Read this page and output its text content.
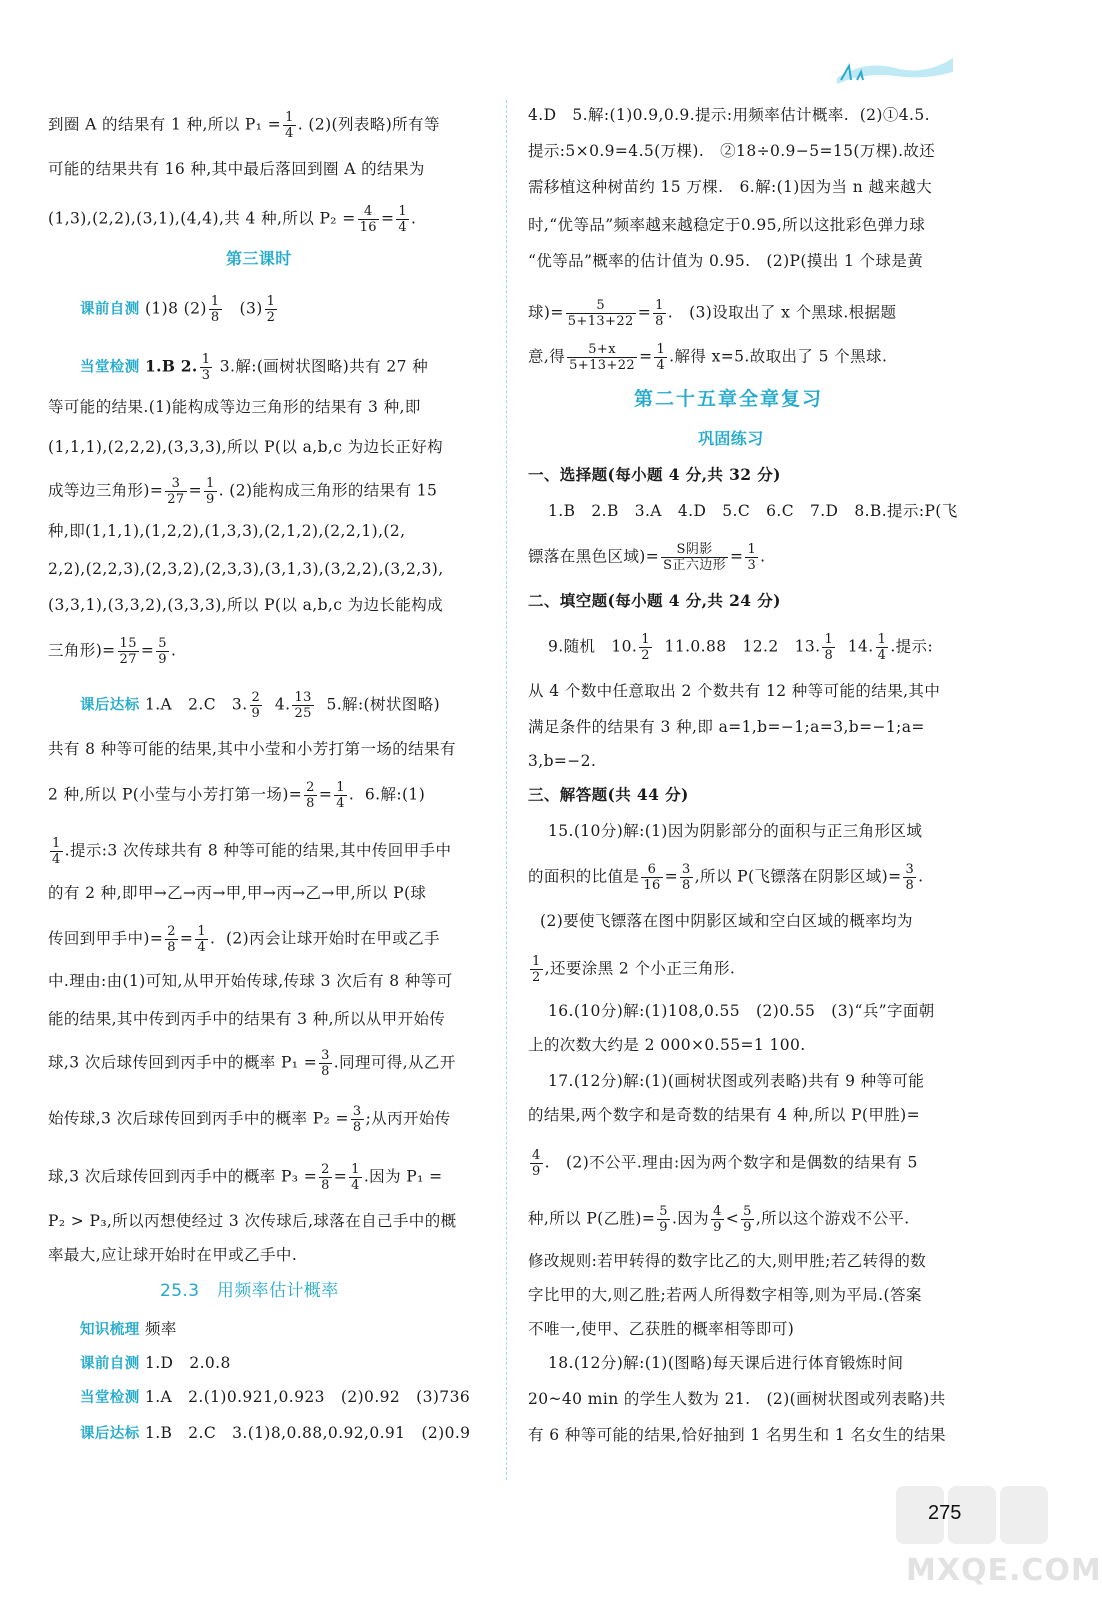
到圈 A 的结果有 1 种,所以 $P_1 = \frac{1}{4}$ . (2)(列表略)所有等
可能的结果共有 16 种,其中最后落回到圈 A 的结果为
(1,3),(2,2),(3,1),(4,4),共 4 种,所以 $P_2 = \frac{4}{16} = \frac{1}{4}$ .
第三课时
课前自测 (1)8 $(2) \frac{1}{8} (3) \frac{1}{2}$
当堂检测 1.B 2. $\frac{1}{3} 3$.解:(画树状图略)共有 27 种
等可能的结果.(1)能构成等边三角形的结果有 3 种,即
(1,1,1),(2,2,2),(3,3,3),所以 P(以 a,b,c 为边长正好构
成等边三角形)= $\frac{3}{27} = \frac{1}{9}$ . (2)能构成三角形的结果有 15
种,即(1,1,1),(1,2,2),(1,3,3),(2,1,2),(2,2,1),(2,
2,2),(2,2,3),(2,3,2),(2,3,3),(3,1,3),(3,2,2),(3,2,3),
(3,3,1),(3,3,2),(3,3,3),所以 P(以 a,b,c 为边长能构成
三角形)= $\frac{15}{27} = \frac{5}{9}$ .
课后达标 1.A   2.C   3. $\frac{2}{9} 4$. $\frac{13}{25} 5$.解:(树状图略)
共有 8 种等可能的结果,其中小莹和小芳打第一场的结果有
2 种,所以 P(小莹与小芳打第一场)= $\frac{2}{8} = \frac{1}{4}$ .  6.解:(1)
$\frac{1}{4}$ .提示:3 次传球共有 8 种等可能的结果,其中传回甲手中
的有 2 种,即甲→乙→丙→甲,甲→丙→乙→甲,所以 P(球
传回到甲手中)= $\frac{2}{8} = \frac{1}{4}$ .  (2)丙会让球开始时在甲或乙手
中.理由:由(1)可知,从甲开始传球,传球 3 次后有 8 种等可
能的结果,其中传到丙手中的结果有 3 种,所以从甲开始传
球,3 次后球传回到丙手中的概率 $P_1 = \frac{3}{8}$ .同理可得,从乙开
始传球,3 次后球传回到丙手中的概率 $P_2 = \frac{3}{8}$ ;从丙开始传
球,3 次后球传回到丙手中的概率 $P_3 = \frac{2}{8} = \frac{1}{4}$ .因为 P₁ =
P₂ > P₃,所以丙想使经过 3 次传球后,球落在自己手中的概
率最大,应让球开始时在甲或乙手中.
25.3   用频率估计概率
知识梳理 频率
课前自测 1.D   2.0.8
当堂检测 1.A   2.(1)0.921,0.923   (2)0.92   (3)736
课后达标 1.B   2.C   3.(1)8,0.88,0.92,0.91   (2)0.9
4.D   5.解:(1)0.9,0.9.提示:用频率估计概率.  (2)①4.5.
提示:5×0.9=4.5(万棵).   ②18÷0.9−5=15(万棵).故还
需移植这种树苗约 15 万棵.   6.解:(1)因为当 n 越来越大
时,“优等品”频率越来越稳定于0.95,所以这批彩色弹力球
“优等品”概率的估计值为 0.95.   (2)P(摸出 1 个球是黄
球)= $\frac{5}{5+13+22} = \frac{1}{8}$ .   (3)设取出了 x 个黑球.根据题
意,得 $\frac{5+x}{5+13+22} = \frac{1}{4}$ .解得 x=5.故取出了 5 个黑球.
第二十五章全章复习
巩固练习
一、选择题(每小题 4 分,共 32 分)
1.B   2.B   3.A   4.D   5.C   6.C   7.D   8.B.提示:P(飞
镖落在黑色区域)= $\frac{\text{S阴影}}{\text{S正六边形}} = \frac{1}{3}$ .
二、填空题(每小题 4 分,共 24 分)
9.随机   10. $\frac{1}{2} 11.0.88$   12.2   13. $\frac{1}{8} 14$. $\frac{1}{4}$ .提示:
从 4 个数中任意取出 2 个数共有 12 种等可能的结果,其中
满足条件的结果有 3 种,即 a=1,b=−1;a=3,b=−1;a=
3,b=−2.
三、解答题(共 44 分)
15.(10分)解:(1)因为阴影部分的面积与正三角形区域
的面积的比值是 $\frac{6}{16} = \frac{3}{8}$ ,所以 P(飞镖落在阴影区域)= $\frac{3}{8}$ .
(2)要使飞镖落在图中阴影区域和空白区域的概率均为
$\frac{1}{2}$ ,还要涂黑 2 个小正三角形.
16.(10分)解:(1)108,0.55   (2)0.55   (3)“兵”字面朝
上的次数大约是 2 000×0.55=1 100.
17.(12分)解:(1)(画树状图或列表略)共有 9 种等可能
的结果,两个数字和是奇数的结果有 4 种,所以 P(甲胜)=
$\frac{4}{9}$ .   (2)不公平.理由:因为两个数字和是偶数的结果有 5
种,所以 P(乙胜)= $\frac{5}{9}$ .因为 $\frac{4}{9} < \frac{5}{9}$ ,所以这个游戏不公平.
修改规则:若甲转得的数字比乙的大,则甲胜;若乙转得的数
字比甲的大,则乙胜;若两人所得数字相等,则为平局.(答案
不唯一,使甲、乙获胜的概率相等即可)
18.(12分)解:(1)(图略)每天课后进行体育锻炼时间
20~40 min 的学生人数为 21.   (2)(画树状图或列表略)共
有 6 种等可能的结果,恰好抽到 1 名男生和 1 名女生的结果
275
MXQE.COM
